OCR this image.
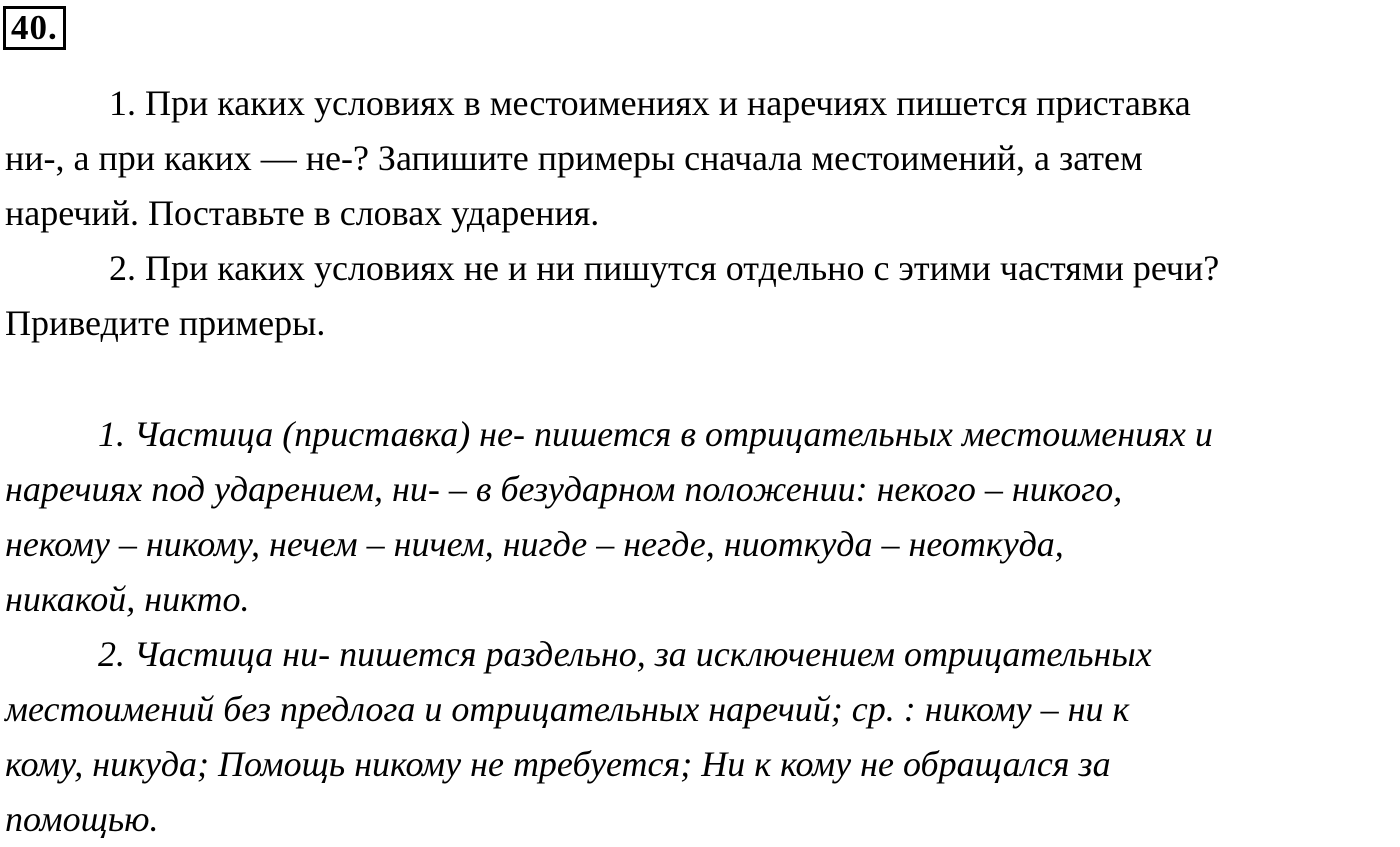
40.

1. При каких условиях в местоимениях и наречиях пишется приставка
ни-, а при каких — не-? Запишите примеры сначала местоимений, а затем
наречий. Поставьте в словах ударения.

2. При каких условиях не и ни пишутся отдельно с этими частями речи?
Приведите примеры.

1. Частица (приставка) не- пишется в отрицательных местоимениях и
наречиях под ударением, ни- – в безударном положении: некого – никого,
некому – никому, нечем – ничем, нигде – негде, ниоткуда – неоткуда,
никакой, никто.

2. Частица ни- пишется раздельно, за исключением отрицательных
местоимений без предлога и отрицательных наречий; ср. : никому – ни к
кому, никуда; Помощь никому не требуется; Ни к кому не обращался за
помощью.
